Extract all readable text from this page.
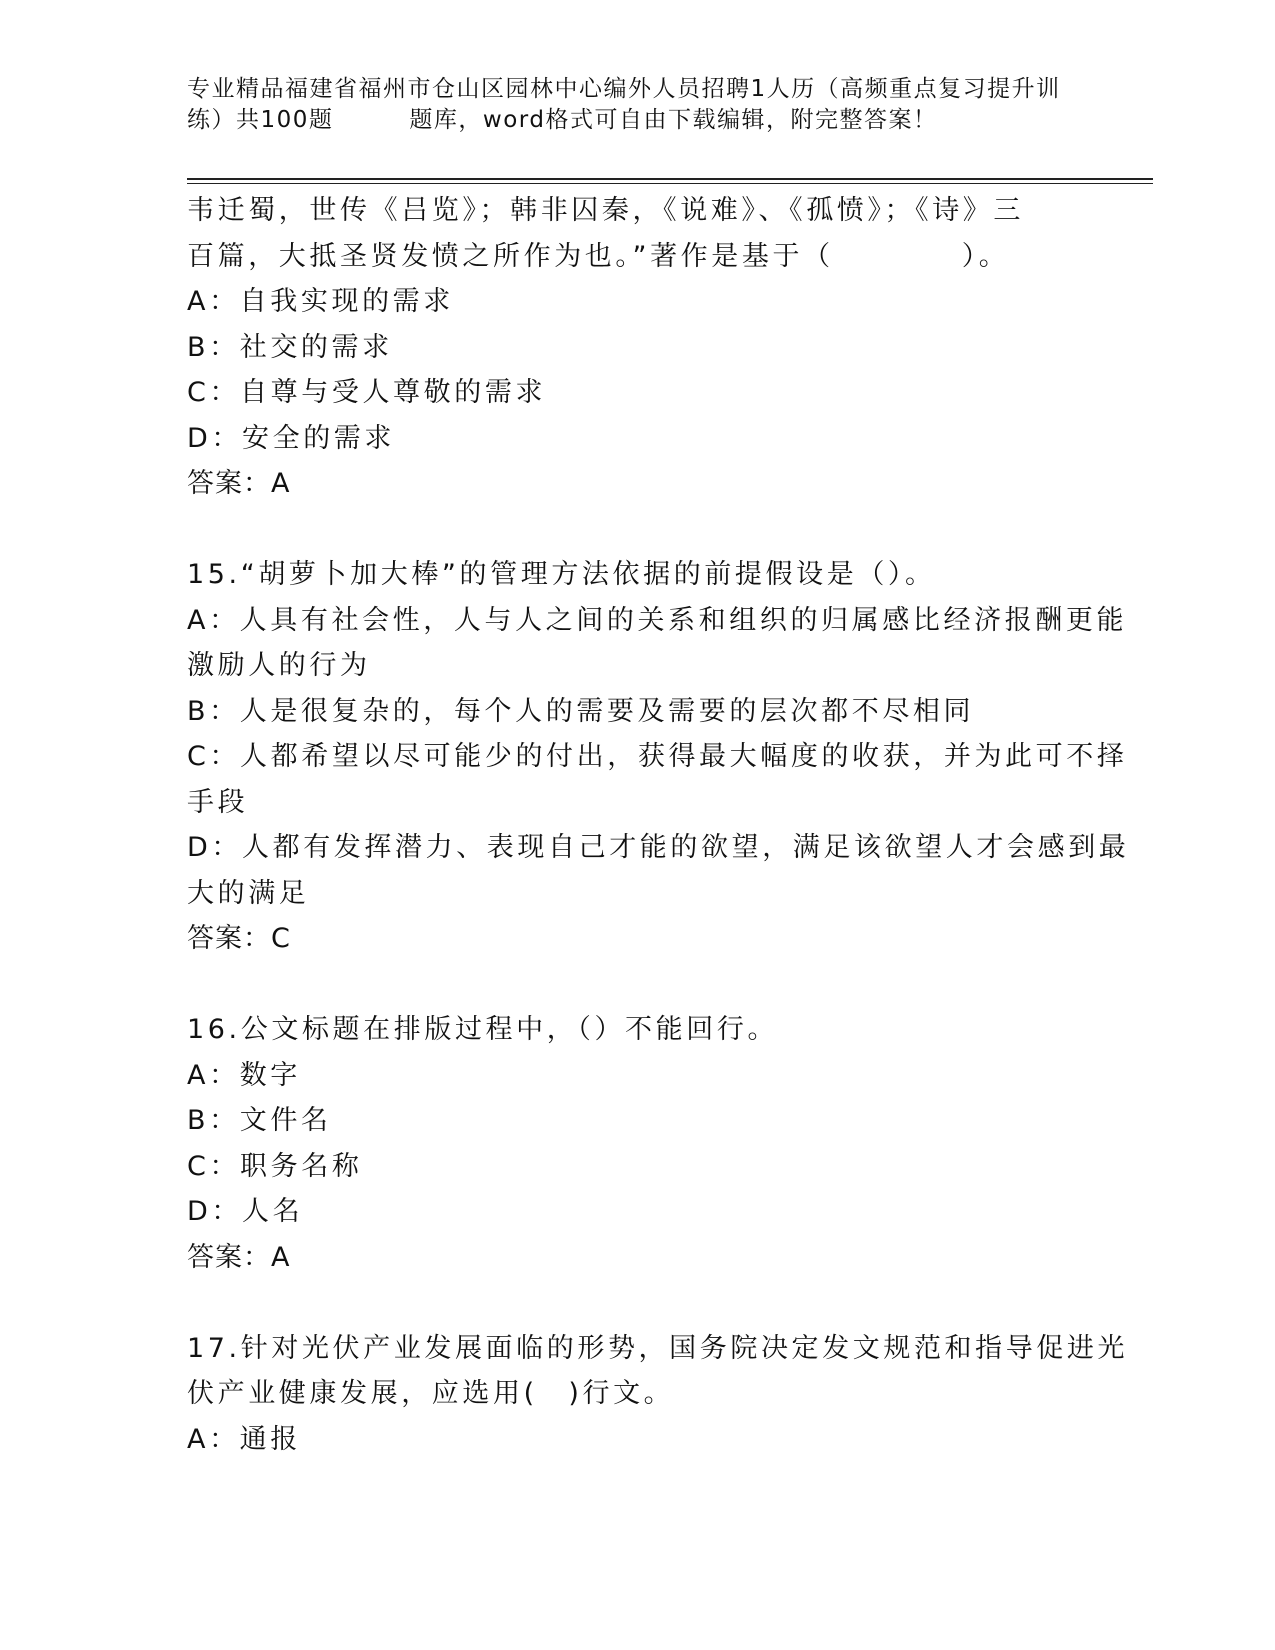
专业精品福建省福州市仓山区园林中心编外人员招聘1人历（高频重点复习提升训
练）共100题	题库，word格式可自由下载编辑，附完整答案！
韦迁蜀，世传《吕览》；韩非囚秦，《说难》、《孤愤》；《诗》三
百篇，大抵圣贤发愤之所作为也。”著作是基于（	）。
A：自我实现的需求
B：社交的需求
C：自尊与受人尊敬的需求
D：安全的需求
答案：A
15.“胡萝卜加大棒”的管理方法依据的前提假设是（）。
A：人具有社会性，人与人之间的关系和组织的归属感比经济报酬更能
激励人的行为
B：人是很复杂的，每个人的需要及需要的层次都不尽相同
C：人都希望以尽可能少的付出，获得最大幅度的收获，并为此可不择
手段
D：人都有发挥潜力、表现自己才能的欲望，满足该欲望人才会感到最
大的满足
答案：C
16.公文标题在排版过程中，（）不能回行。
A：数字
B：文件名
C：职务名称
D：人名
答案：A
17.针对光伏产业发展面临的形势，国务院决定发文规范和指导促进光
伏产业健康发展，应选用(　)行文。
A：通报
